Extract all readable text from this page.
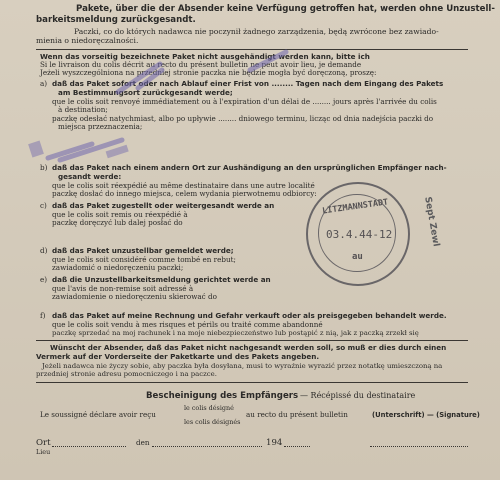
Pakete, über die der Absender keine Verfügung getroffen hat, werden ohne Unzustell-
barkeitsmeldung zurückgesandt.
Paczki, co do których nadawca nie poczynił żadnego zarządzenia, będą zwrócone bez zawiado-
mienia o niedoręczalności.
Wenn das vorseitig bezeichnete Paket nicht ausgehändigt werden kann, bitte ich
Si le livraison du colis décrit au recto du présent bulletin ne peut avoir lieu, je demande
Jeżeli wyszczególniona na przedniej stronie paczka nie będzie mogła być doręczoną, proszę:
a) daß das Paket sofort oder nach Ablauf einer Frist von ........ Tagen nach dem Eingang des Pakets
am Bestimmungsort zurückgesandt werde;
que le colis soit renvoyé immédiatement ou à l'expiration d'un délai de ........ jours après l'arrivée du colis
à destination;
paczkę odesłać natychmiast, albo po upływie ........ dniowego terminu, licząc od dnia nadejścia paczki do
miejsca przeznaczenia;
b) daß das Paket nach einem andern Ort zur Aushändigung an den ursprünglichen Empfänger nach-
gesandt werde:
que le colis soit réexpédié au même destinataire dans une autre localité
paczkę dosłać do innego miejsca, celem wydania pierwotnemu odbiorcy:
c) daß das Paket zugestellt oder weitergesandt werde an
que le colis soit remis ou réexpédié à
paczkę doręczyć lub dalej posłać do
d) daß das Paket unzustellbar gemeldet werde;
que le colis soit considéré comme tombé en rebut;
zawiadomić o niedoręczeniu paczki;
e) daß die Unzustellbarkeitsmeldung gerichtet werde an
que l'avis de non-remise soit adressé à
zawiadomienie o niedoręczeniu skierować do
f) daß das Paket auf meine Rechnung und Gefahr verkauft oder als preisgegeben behandelt werde.
que le colis soit vendu à mes risques et périls ou traité comme abandonné
paczkę sprzedać na moj rachunek i na moje niebezpieczeństwo lub postąpić z nią, jak z paczką zrzekł się
Wünscht der Absender, daß das Paket nicht nachgesandt werden soll, so muß er dies durch einen
Vermerk auf der Vorderseite der Paketkarte und des Pakets angeben.
Jeżeli nadawca nie życzy sobie, aby paczka była dosyłana, musi to wyraźnie wyrazić przez notatkę umieszczoną na
przedniej stronie adresu pomocniczego i na paczce.
Bescheinigung des Empfängers — Récépissé du destinataire
le colis désigné
Le soussigné déclare avoir reçu
les colis désignés
au recto du présent bulletin	(Unterschrift) — (Signature)
Ort
Lieu
den	194
LITZMANNSTADT
03.4.44-12
au
Sept Zewl
